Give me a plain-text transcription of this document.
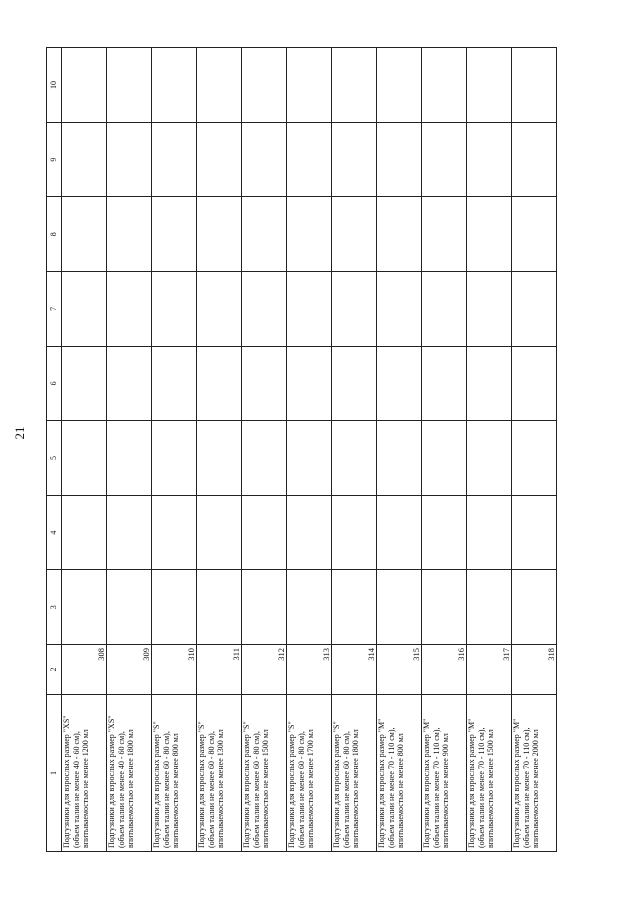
21
1	2	3	4	5	6	7	8	9	10
Подгузники для взрослых размер "XS" (объем талии не менее 40 - 60 см), впитываемостью не менее 1200 мл	308								
Подгузники для взрослых размер "XS" (объем талии не менее 40 - 60 см), впитываемостью не менее 1800 мл	309								
Подгузники для взрослых размер "S" (объем талии не менее 60 - 80 см), впитываемостью не менее 800 мл	310								
Подгузники для взрослых размер "S" (объем талии не менее 60 - 80 см), впитываемостью не менее 1300 мл	311								
Подгузники для взрослых размер "S" (объем талии не менее 60 - 80 см), впитываемостью не менее 1500 мл	312								
Подгузники для взрослых размер "S" (объем талии не менее 60 - 80 см), впитываемостью не менее 1700 мл	313								
Подгузники для взрослых размер "S" (объем талии не менее 60 - 80 см), впитываемостью не менее 1800 мл	314								
Подгузники для взрослых размер "M" (объем талии не менее 70 - 110 см), впитываемостью не менее 800 мл	315								
Подгузники для взрослых размер "M" (объем талии не менее 70 - 110 см), впитываемостью не менее 900 мл	316								
Подгузники для взрослых размер "M" (объем талии не менее 70 - 110 см), впитываемостью не менее 1500 мл	317								
Подгузники для взрослых размер "M" (объем талии не менее 70 - 110 см), впитываемостью не менее 2000 мл	318								
